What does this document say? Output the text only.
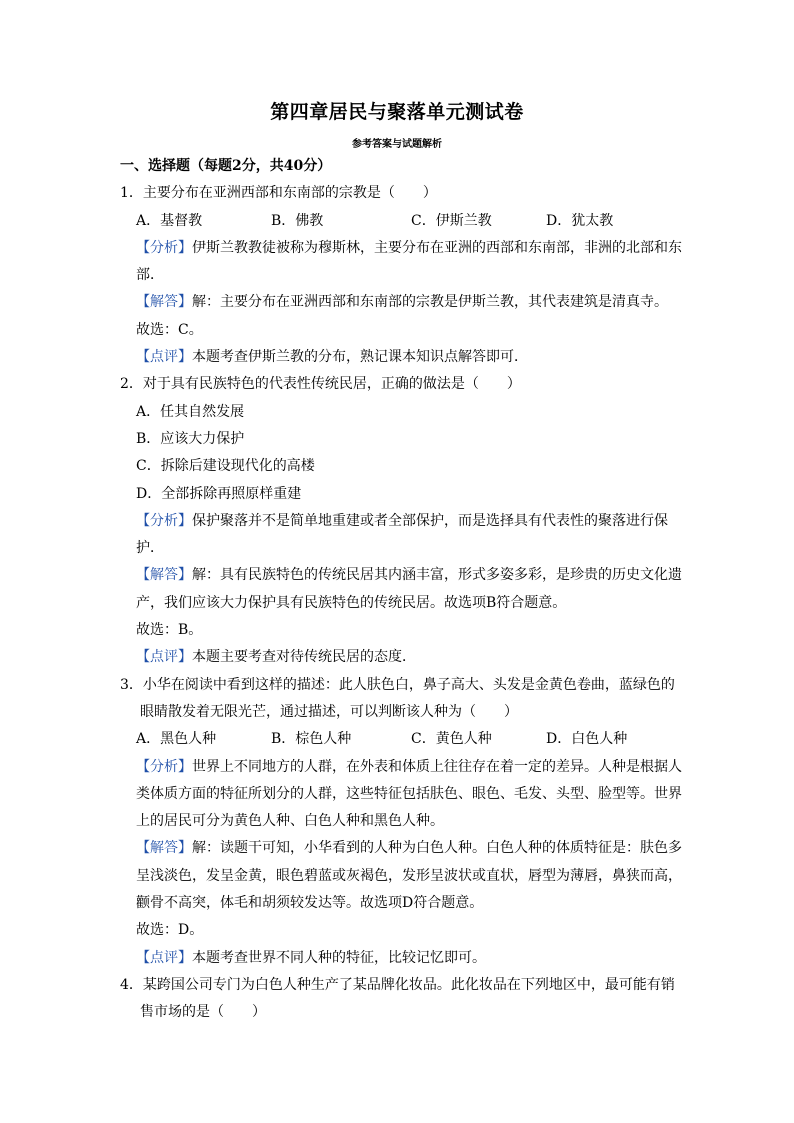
第四章居民与聚落单元测试卷
参考答案与试题解析
一、选择题（每题2分，共40分）
1．主要分布在亚洲西部和东南部的宗教是（　　）
A．基督教	B．佛教	C．伊斯兰教	D．犹太教
【分析】伊斯兰教教徒被称为穆斯林，主要分布在亚洲的西部和东南部，非洲的北部和东部．
【解答】解：主要分布在亚洲西部和东南部的宗教是伊斯兰教，其代表建筑是清真寺。
故选：C。
【点评】本题考查伊斯兰教的分布，熟记课本知识点解答即可．
2．对于具有民族特色的代表性传统民居，正确的做法是（　　）
A．任其自然发展
B．应该大力保护
C．拆除后建设现代化的高楼
D．全部拆除再照原样重建
【分析】保护聚落并不是简单地重建或者全部保护，而是选择具有代表性的聚落进行保护．
【解答】解：具有民族特色的传统民居其内涵丰富，形式多姿多彩，是珍贵的历史文化遗产，我们应该大力保护具有民族特色的传统民居。故选项B符合题意。
故选：B。
【点评】本题主要考查对待传统民居的态度．
3．小华在阅读中看到这样的描述：此人肤色白，鼻子高大、头发是金黄色卷曲，蓝绿色的眼睛散发着无限光芒，通过描述，可以判断该人种为（　　）
A．黑色人种	B．棕色人种	C．黄色人种	D．白色人种
【分析】世界上不同地方的人群，在外表和体质上往往存在着一定的差异。人种是根据人类体质方面的特征所划分的人群，这些特征包括肤色、眼色、毛发、头型、脸型等。世界上的居民可分为黄色人种、白色人种和黑色人种。
【解答】解：读题干可知，小华看到的人种为白色人种。白色人种的体质特征是：肤色多呈浅淡色，发呈金黄，眼色碧蓝或灰褐色，发形呈波状或直状，唇型为薄唇，鼻狭而高，颧骨不高突，体毛和胡须较发达等。故选项D符合题意。
故选：D。
【点评】本题考查世界不同人种的特征，比较记忆即可。
4．某跨国公司专门为白色人种生产了某品牌化妆品。此化妆品在下列地区中，最可能有销售市场的是（　　）
